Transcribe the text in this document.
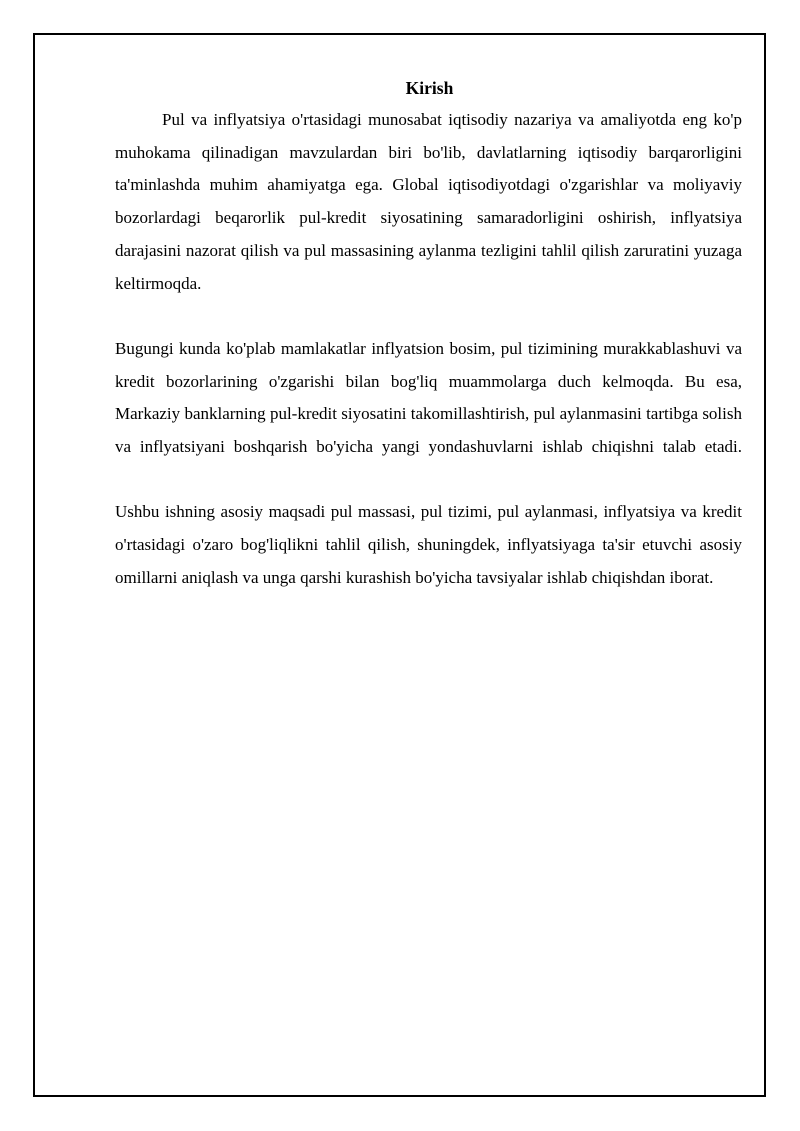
Kirish

Pul va inflyatsiya o'rtasidagi munosabat iqtisodiy nazariya va amaliyotda eng ko'p muhokama qilinadigan mavzulardan biri bo'lib, davlatlarning iqtisodiy barqarorligini ta'minlashda muhim ahamiyatga ega. Global iqtisodiyotdagi o'zgarishlar va moliyaviy bozorlardagi beqarorlik pul-kredit siyosatining samaradorligini oshirish, inflyatsiya darajasini nazorat qilish va pul massasining aylanma tezligini tahlil qilish zaruratini yuzaga keltirmoqda.

Bugungi kunda ko'plab mamlakatlar inflyatsion bosim, pul tizimining murakkablashuvi va kredit bozorlarining o'zgarishi bilan bog'liq muammolarga duch kelmoqda. Bu esa, Markaziy banklarning pul-kredit siyosatini takomillashtirish, pul aylanmasini tartibga solish va inflyatsiyani boshqarish bo'yicha yangi yondashuvlarni ishlab chiqishni talab etadi.

Ushbu ishning asosiy maqsadi pul massasi, pul tizimi, pul aylanmasi, inflyatsiya va kredit o'rtasidagi o'zaro bog'liqlikni tahlil qilish, shuningdek, inflyatsiyaga ta'sir etuvchi asosiy omillarni aniqlash va unga qarshi kurashish bo'yicha tavsiyalar ishlab chiqishdan iborat.
